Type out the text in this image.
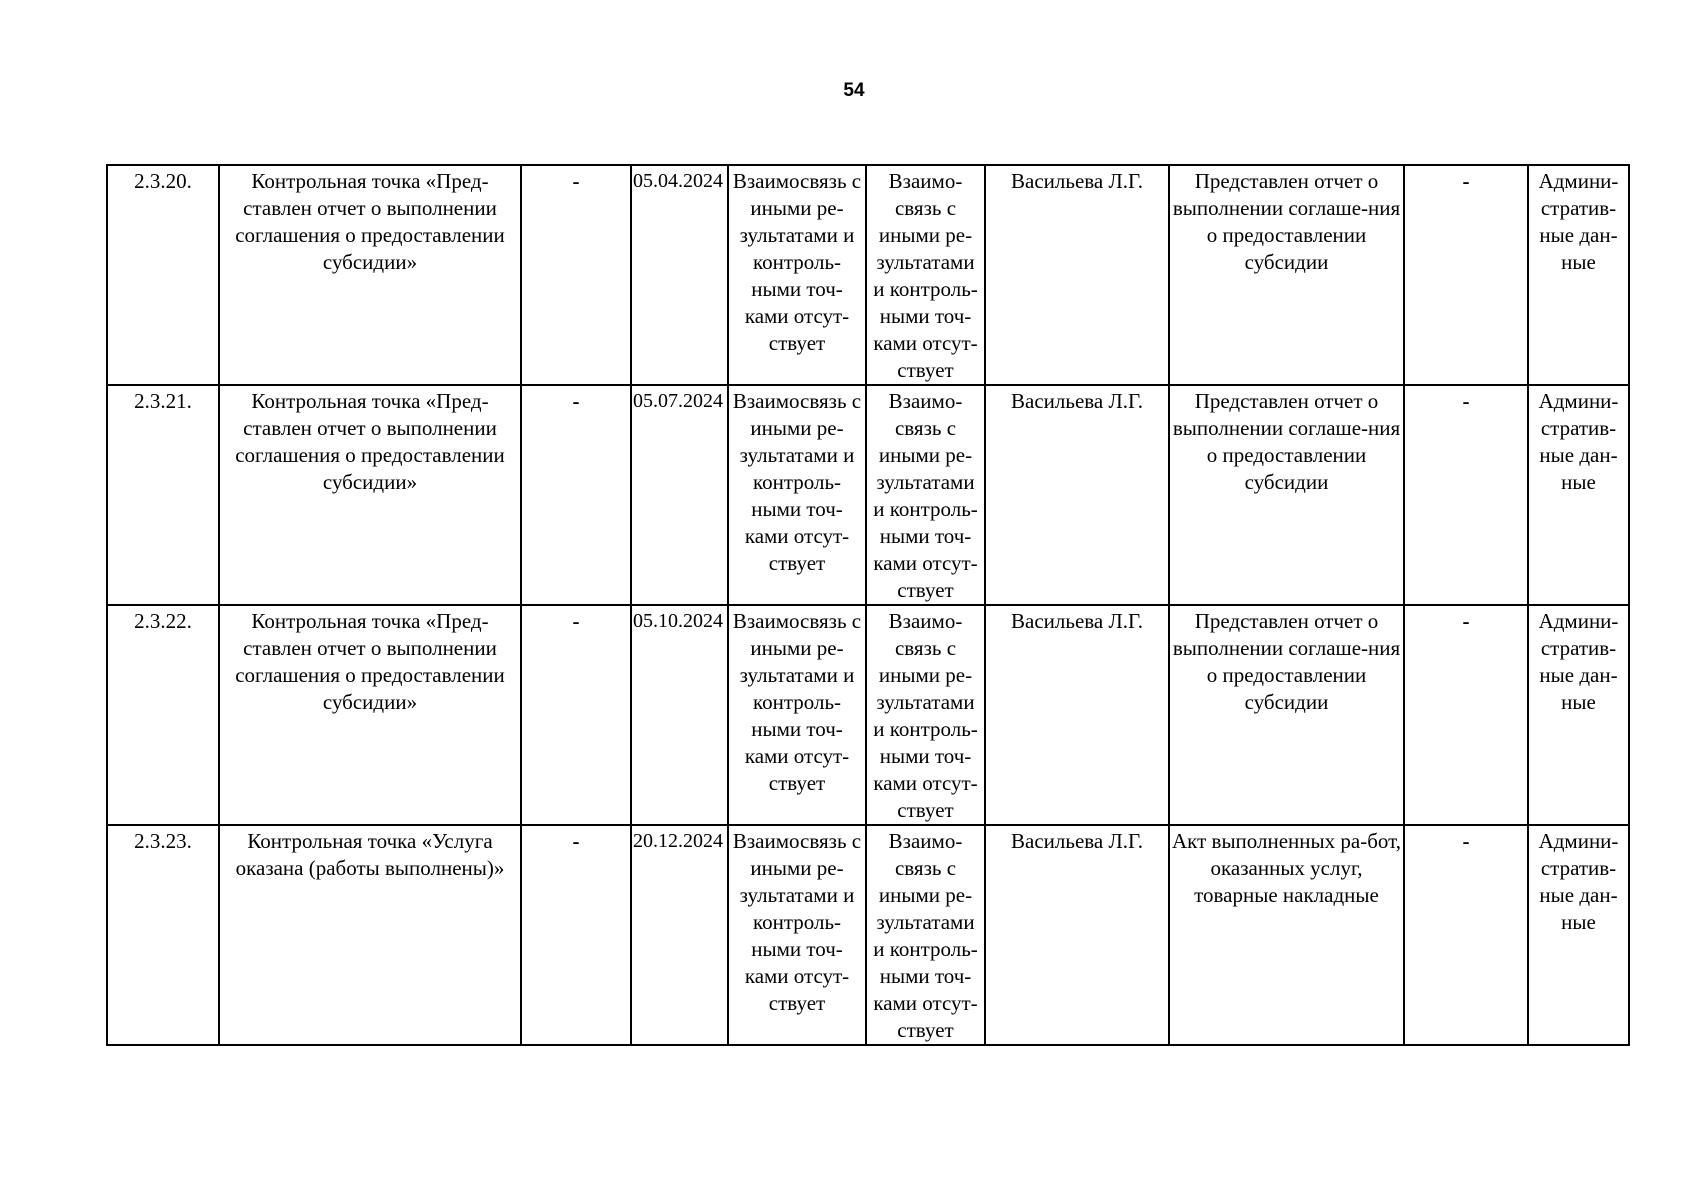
54
2.3.20.	Контрольная точка «Пред-ставлен отчет о выполнении соглашения о предоставлении субсидии»	-	05.04.2024	Взаимосвязь с иными ре-зультатами и контроль-ными точ-ками отсут-ствует	Взаимо-связь с иными ре-зультатами и контроль-ными точ-ками отсут-ствует	Васильева Л.Г.	Представлен отчет о выполнении соглаше-ния о предоставлении субсидии	-	Админи-стратив-ные дан-ные
2.3.21.	Контрольная точка «Пред-ставлен отчет о выполнении соглашения о предоставлении субсидии»	-	05.07.2024	Взаимосвязь с иными ре-зультатами и контроль-ными точ-ками отсут-ствует	Взаимо-связь с иными ре-зультатами и контроль-ными точ-ками отсут-ствует	Васильева Л.Г.	Представлен отчет о выполнении соглаше-ния о предоставлении субсидии	-	Админи-стратив-ные дан-ные
2.3.22.	Контрольная точка «Пред-ставлен отчет о выполнении соглашения о предоставлении субсидии»	-	05.10.2024	Взаимосвязь с иными ре-зультатами и контроль-ными точ-ками отсут-ствует	Взаимо-связь с иными ре-зультатами и контроль-ными точ-ками отсут-ствует	Васильева Л.Г.	Представлен отчет о выполнении соглаше-ния о предоставлении субсидии	-	Админи-стратив-ные дан-ные
2.3.23.	Контрольная точка «Услуга оказана (работы выполнены)»	-	20.12.2024	Взаимосвязь с иными ре-зультатами и контроль-ными точ-ками отсут-ствует	Взаимо-связь с иными ре-зультатами и контроль-ными точ-ками отсут-ствует	Васильева Л.Г.	Акт выполненных ра-бот, оказанных услуг, товарные накладные	-	Админи-стратив-ные дан-ные
